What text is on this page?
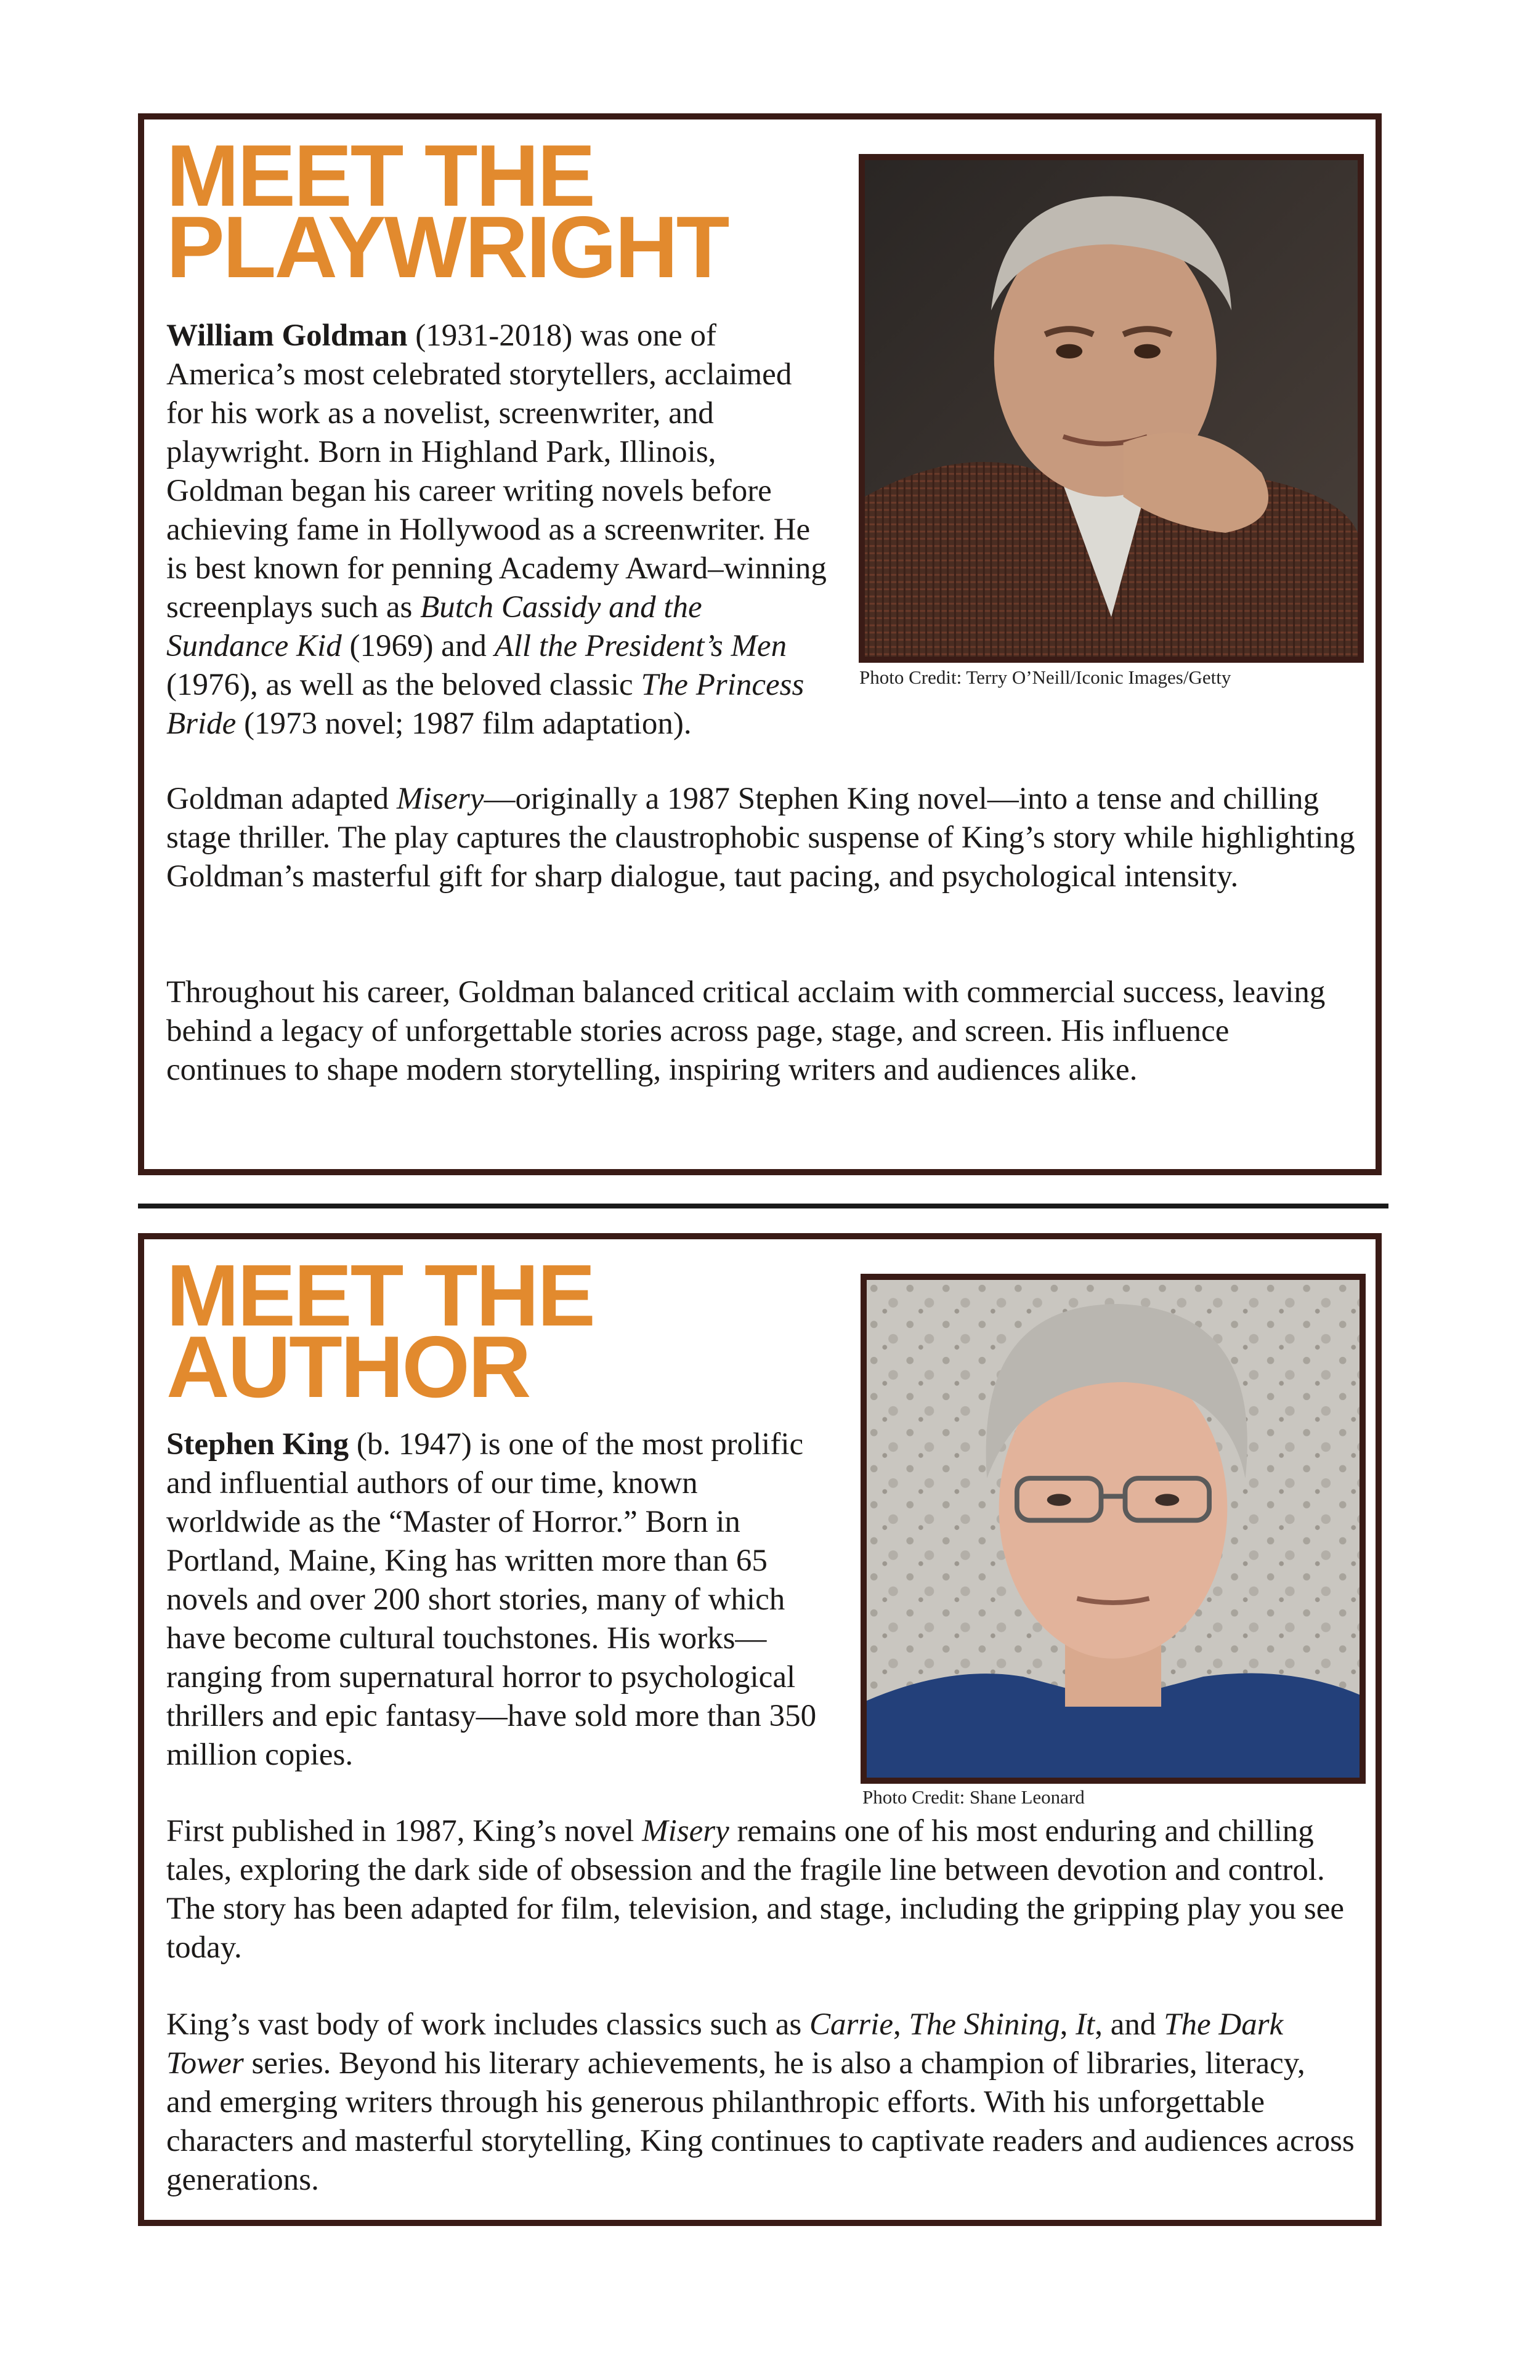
MEET THE
PLAYWRIGHT
Photo Credit: Terry O’Neill/Iconic Images/Getty

William Goldman (1931-2018) was one of America’s most celebrated storytellers, acclaimed for his work as a novelist, screenwriter, and playwright. Born in Highland Park, Illinois, Goldman began his career writing novels before achieving fame in Hollywood as a screenwriter. He is best known for penning Academy Award–winning screenplays such as Butch Cassidy and the Sundance Kid (1969) and All the President’s Men (1976), as well as the beloved classic The Princess Bride (1973 novel; 1987 film adaptation).

Goldman adapted Misery—originally a 1987 Stephen King novel—into a tense and chilling stage thriller. The play captures the claustrophobic suspense of King’s story while highlighting Goldman’s masterful gift for sharp dialogue, taut pacing, and psychological intensity.

Throughout his career, Goldman balanced critical acclaim with commercial success, leaving behind a legacy of unforgettable stories across page, stage, and screen. His influence continues to shape modern storytelling, inspiring writers and audiences alike.

MEET THE
AUTHOR
Photo Credit: Shane Leonard

Stephen King (b. 1947) is one of the most prolific and influential authors of our time, known worldwide as the “Master of Horror.” Born in Portland, Maine, King has written more than 65 novels and over 200 short stories, many of which have become cultural touchstones. His works—ranging from supernatural horror to psychological thrillers and epic fantasy—have sold more than 350 million copies.

First published in 1987, King’s novel Misery remains one of his most enduring and chilling tales, exploring the dark side of obsession and the fragile line between devotion and control. The story has been adapted for film, television, and stage, including the gripping play you see today.

King’s vast body of work includes classics such as Carrie, The Shining, It, and The Dark Tower series. Beyond his literary achievements, he is also a champion of libraries, literacy, and emerging writers through his generous philanthropic efforts. With his unforgettable characters and masterful storytelling, King continues to captivate readers and audiences across generations.
